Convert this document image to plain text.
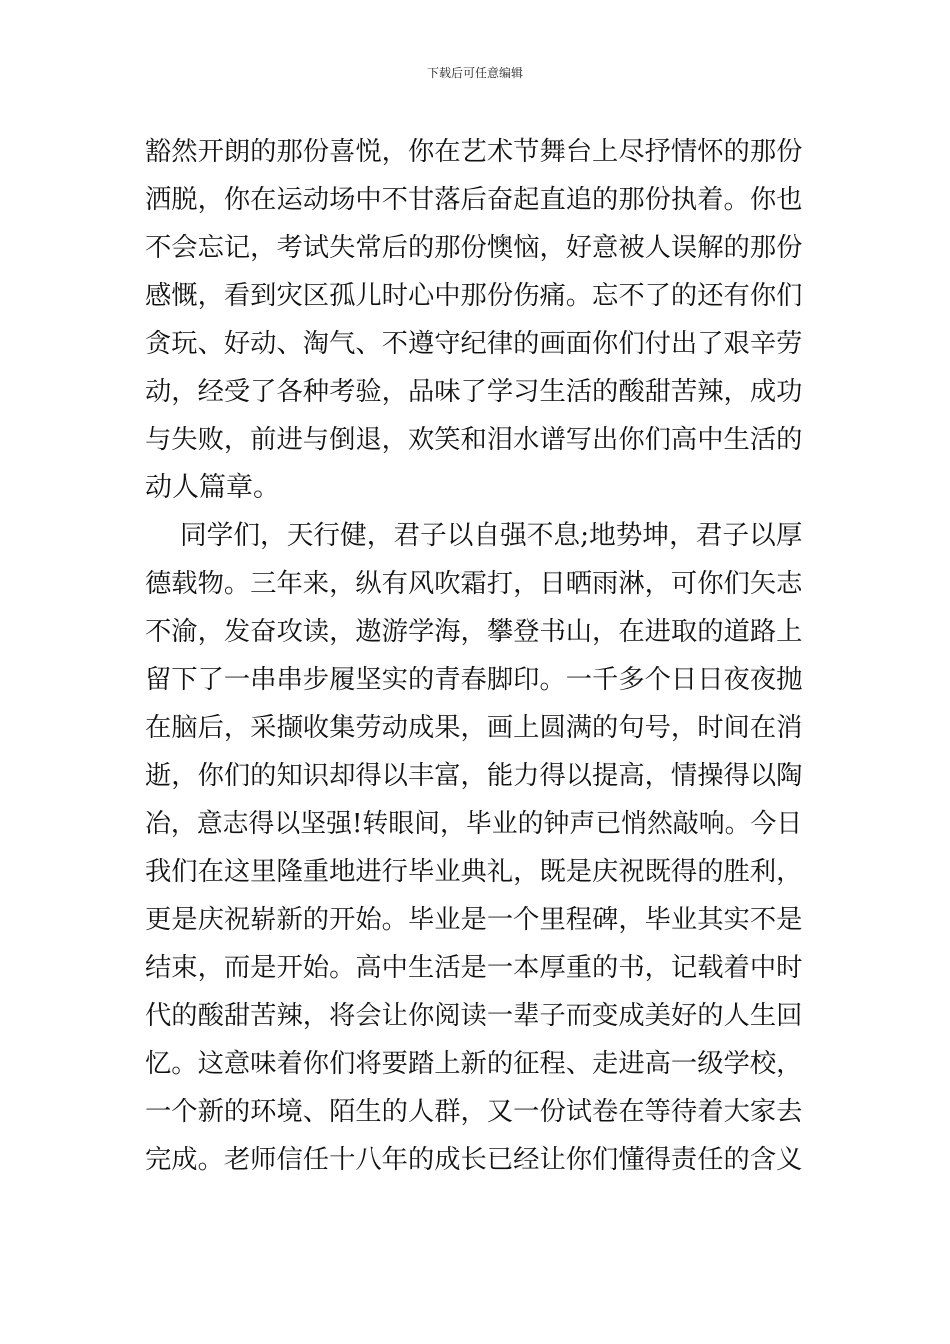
下载后可任意编辑
豁然开朗的那份喜悦，你在艺术节舞台上尽抒情怀的那份
洒脱，你在运动场中不甘落后奋起直追的那份执着。你也
不会忘记，考试失常后的那份懊恼，好意被人误解的那份
感慨，看到灾区孤儿时心中那份伤痛。忘不了的还有你们
贪玩、好动、淘气、不遵守纪律的画面你们付出了艰辛劳
动，经受了各种考验，品味了学习生活的酸甜苦辣，成功
与失败，前进与倒退，欢笑和泪水谱写出你们高中生活的
动人篇章。
同学们，天行健，君子以自强不息;地势坤，君子以厚
德载物。三年来，纵有风吹霜打，日晒雨淋，可你们矢志
不渝，发奋攻读，遨游学海，攀登书山，在进取的道路上
留下了一串串步履坚实的青春脚印。一千多个日日夜夜抛
在脑后，采撷收集劳动成果，画上圆满的句号，时间在消
逝，你们的知识却得以丰富，能力得以提高，情操得以陶
冶，意志得以坚强!转眼间，毕业的钟声已悄然敲响。今日
我们在这里隆重地进行毕业典礼，既是庆祝既得的胜利，
更是庆祝崭新的开始。毕业是一个里程碑，毕业其实不是
结束，而是开始。高中生活是一本厚重的书，记载着中时
代的酸甜苦辣，将会让你阅读一辈子而变成美好的人生回
忆。这意味着你们将要踏上新的征程、走进高一级学校，
一个新的环境、陌生的人群，又一份试卷在等待着大家去
完成。老师信任十八年的成长已经让你们懂得责任的含义
